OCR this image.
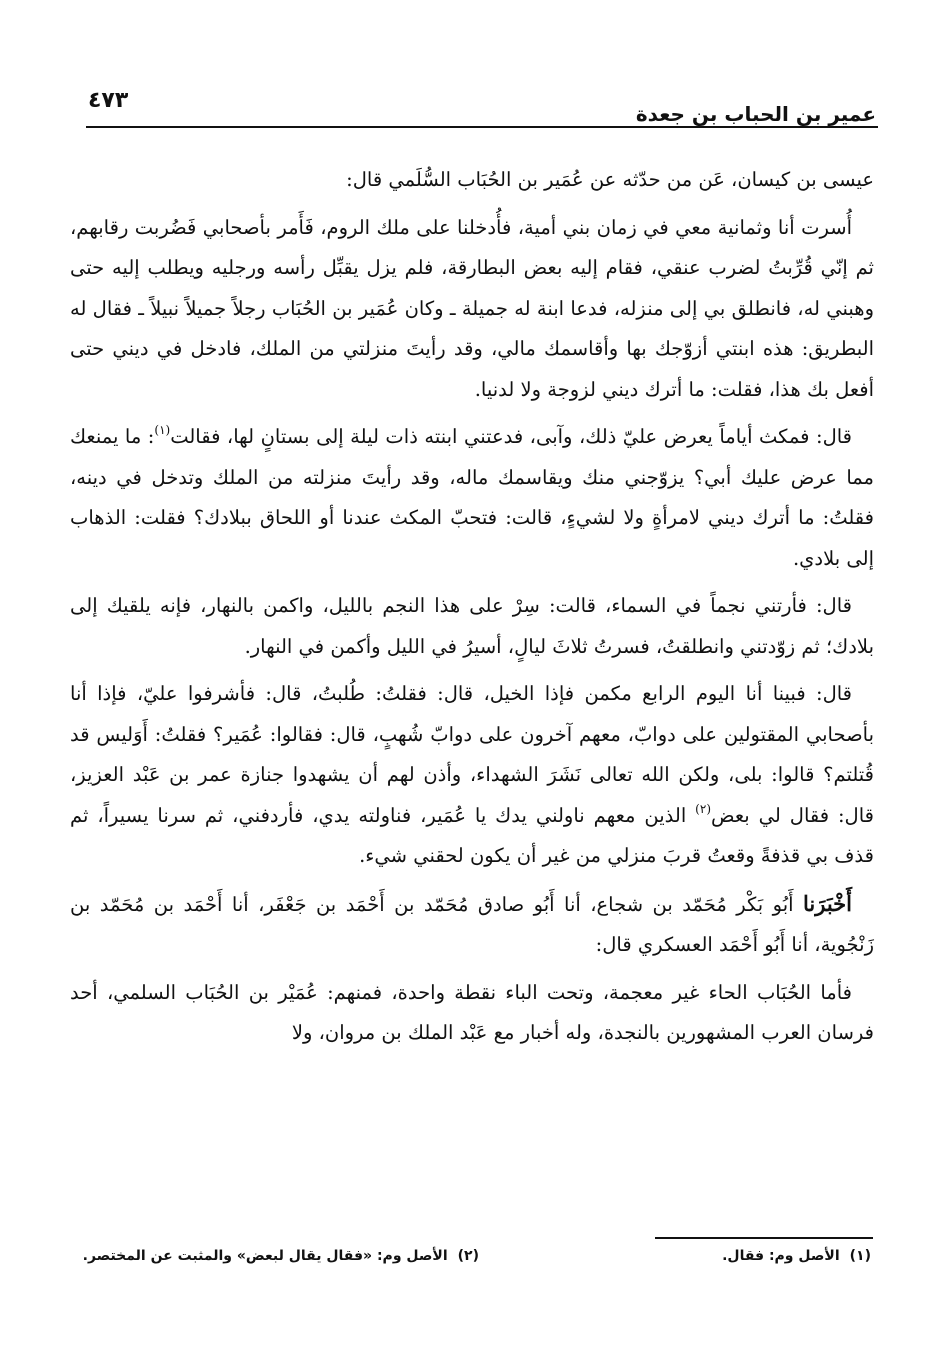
عمير بن الحباب بن جعدة
٤٧٣

عيسى بن كيسان، عَن من حدّثه عن عُمَير بن الحُبَاب السُّلَمي قال:

أُسرت أنا وثمانية معي في زمان بني أمية، فأُدخلنا على ملك الروم، فَأَمر بأصحابي فَضُربت رقابهم، ثم إنّي قُرِّبتُ لضرب عنقي، فقام إليه بعض البطارقة، فلم يزل يقبِّل رأسه ورجليه ويطلب إليه حتى وهبني له، فانطلق بي إلى منزله، فدعا ابنة له جميلة ـ وكان عُمَير بن الحُبَاب رجلاً جميلاً نبيلاً ـ فقال له البطريق: هذه ابنتي أزوّجك بها وأقاسمك مالي، وقد رأيتَ منزلتي من الملك، فادخل في ديني حتى أفعل بك هذا، فقلت: ما أترك ديني لزوجة ولا لدنيا.

قال: فمكث أياماً يعرض عليّ ذلك، وآبى، فدعتني ابنته ذات ليلة إلى بستانٍ لها، فقالت$^{(١)}$: ما يمنعك مما عرض عليك أبي؟ يزوّجني منك ويقاسمك ماله، وقد رأيتَ منزلته من الملك وتدخل في دينه، فقلتُ: ما أترك ديني لامرأةٍ ولا لشيءٍ، قالت: فتحبّ المكث عندنا أو اللحاق ببلادك؟ فقلت: الذهاب إلى بلادي.

قال: فأرتني نجماً في السماء، قالت: سِرْ على هذا النجم بالليل، واكمن بالنهار، فإنه يلقيك إلى بلادك؛ ثم زوّدتني وانطلقتُ، فسرتُ ثلاثَ ليالٍ، أسيرُ في الليل وأكمن في النهار.

قال: فبينا أنا اليوم الرابع مكمن فإذا الخيل، قال: فقلتُ: طُلبتُ، قال: فأشرفوا عليّ، فإذا أنا بأصحابي المقتولين على دوابّ، معهم آخرون على دوابّ شُهبٍ، قال: فقالوا: عُمَير؟ فقلتُ: أَوَليس قد قُتلتم؟ قالوا: بلى، ولكن الله تعالى نَشَرَ الشهداء، وأذن لهم أن يشهدوا جنازة عمر بن عَبْد العزيز، قال: فقال لي بعض$^{(٢)}$ الذين معهم ناولني يدك يا عُمَير، فناولته يدي، فأردفني، ثم سرنا يسيراً، ثم قذف بي قذفةً وقعتُ قربَ منزلي من غير أن يكون لحقني شيء.

أَخْبَرَنا أَبُو بَكْر مُحَمّد بن شجاع، أنا أَبُو صادق مُحَمّد بن أَحْمَد بن جَعْفَر، أنا أَحْمَد بن مُحَمّد بن زَنْجُوية، أنا أَبُو أَحْمَد العسكري قال:

فأما الحُبَاب الحاء غير معجمة، وتحت الباء نقطة واحدة، فمنهم: عُمَيْر بن الحُبَاب السلمي، أحد فرسان العرب المشهورين بالنجدة، وله أخبار مع عَبْد الملك بن مروان، ولا

(١)الأصل وم: فقال.
(٢)الأصل وم: «فقال يقال لبعض» والمثبت عن المختصر.
